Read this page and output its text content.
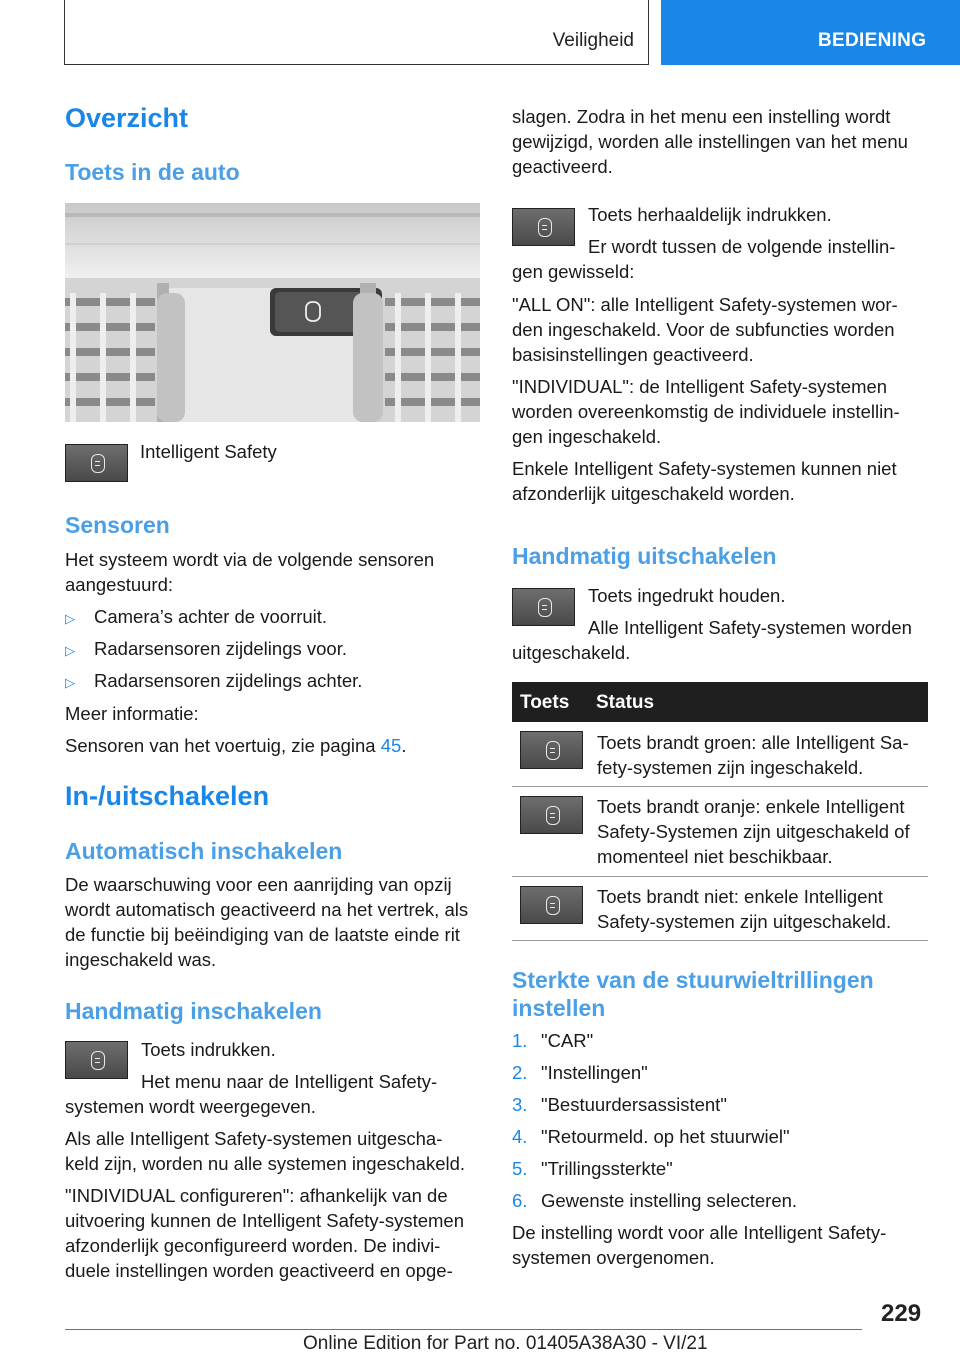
Veiligheid	BEDIENING
Overzicht
Toets in de auto
Intelligent Safety
Sensoren
Het systeem wordt via de volgende sensoren
aangestuurd:
▷ Camera’s achter de voorruit.
▷ Radarsensoren zijdelings voor.
▷ Radarsensoren zijdelings achter.
Meer informatie:
Sensoren van het voertuig, zie pagina 45.
In-/uitschakelen
Automatisch inschakelen
De waarschuwing voor een aanrijding van opzij
wordt automatisch geactiveerd na het vertrek, als
de functie bij beëindiging van de laatste einde rit
ingeschakeld was.
Handmatig inschakelen
Toets indrukken.
Het menu naar de Intelligent Safety-
systemen wordt weergegeven.
Als alle Intelligent Safety-systemen uitgescha-
keld zijn, worden nu alle systemen ingeschakeld.
"INDIVIDUAL configureren": afhankelijk van de
uitvoering kunnen de Intelligent Safety-systemen
afzonderlijk geconfigureerd worden. De indivi-
duele instellingen worden geactiveerd en opge-
slagen. Zodra in het menu een instelling wordt
gewijzigd, worden alle instellingen van het menu
geactiveerd.
Toets herhaaldelijk indrukken.
Er wordt tussen de volgende instellin-
gen gewisseld:
"ALL ON": alle Intelligent Safety-systemen wor-
den ingeschakeld. Voor de subfuncties worden
basisinstellingen geactiveerd.
"INDIVIDUAL": de Intelligent Safety-systemen
worden overeenkomstig de individuele instellin-
gen ingeschakeld.
Enkele Intelligent Safety-systemen kunnen niet
afzonderlijk uitgeschakeld worden.
Handmatig uitschakelen
Toets ingedrukt houden.
Alle Intelligent Safety-systemen worden
uitgeschakeld.
Toets Status
Toets brandt groen: alle Intelligent Sa-
fety-systemen zijn ingeschakeld.
Toets brandt oranje: enkele Intelligent
Safety-Systemen zijn uitgeschakeld of
momenteel niet beschikbaar.
Toets brandt niet: enkele Intelligent
Safety-systemen zijn uitgeschakeld.
Sterkte van de stuurwieltrillingen
instellen
1. "CAR"
2. "Instellingen"
3. "Bestuurdersassistent"
4. "Retourmeld. op het stuurwiel"
5. "Trillingssterkte"
6. Gewenste instelling selecteren.
De instelling wordt voor alle Intelligent Safety-
systemen overgenomen.
229
Online Edition for Part no. 01405A38A30 - VI/21
